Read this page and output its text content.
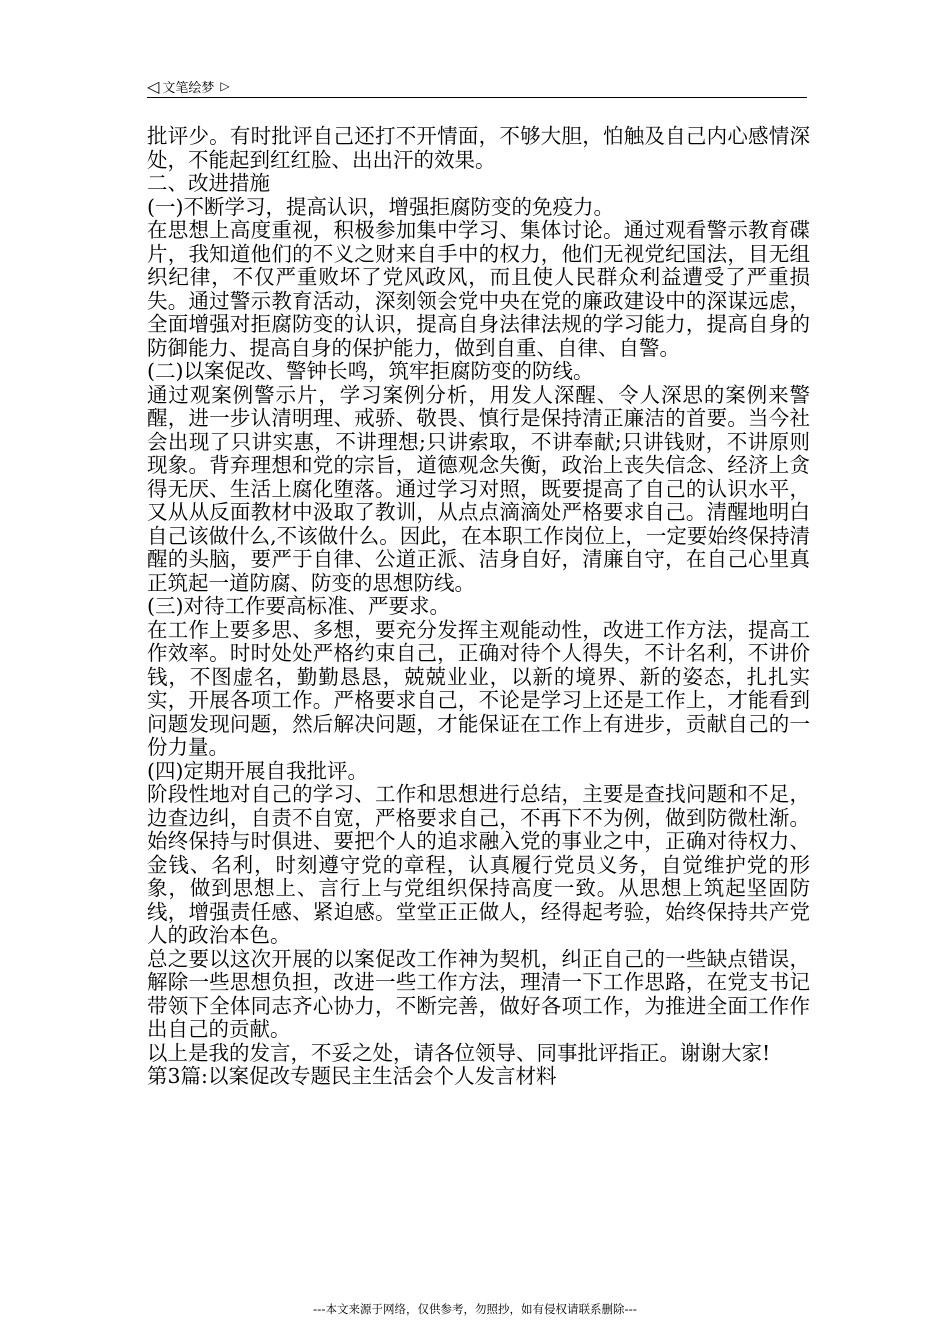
◁ 文笔绘梦 ▷

批评少。有时批评自己还打不开情面，不够大胆，怕触及自己内心感情深处，不能起到红红脸、出出汗的效果。

二、改进措施

(一)不断学习，提高认识，增强拒腐防变的免疫力。

在思想上高度重视，积极参加集中学习、集体讨论。通过观看警示教育碟片，我知道他们的不义之财来自手中的权力，他们无视党纪国法，目无组织纪律，不仅严重败坏了党风政风，而且使人民群众利益遭受了严重损失。通过警示教育活动，深刻领会党中央在党的廉政建设中的深谋远虑，全面增强对拒腐防变的认识，提高自身法律法规的学习能力，提高自身的防御能力、提高自身的保护能力，做到自重、自律、自警。

(二)以案促改、警钟长鸣，筑牢拒腐防变的防线。

通过观案例警示片，学习案例分析，用发人深醒、令人深思的案例来警醒，进一步认清明理、戒骄、敬畏、慎行是保持清正廉洁的首要。当今社会出现了只讲实惠，不讲理想;只讲索取，不讲奉献;只讲钱财，不讲原则现象。背弃理想和党的宗旨，道德观念失衡，政治上丧失信念、经济上贪得无厌、生活上腐化堕落。通过学习对照，既要提高了自己的认识水平，又从从反面教材中汲取了教训，从点点滴滴处严格要求自己。清醒地明白自己该做什么,不该做什么。因此，在本职工作岗位上，一定要始终保持清醒的头脑，要严于自律、公道正派、洁身自好，清廉自守，在自己心里真正筑起一道防腐、防变的思想防线。

(三)对待工作要高标准、严要求。

在工作上要多思、多想，要充分发挥主观能动性，改进工作方法，提高工作效率。时时处处严格约束自己，正确对待个人得失，不计名利，不讲价钱，不图虚名，勤勤恳恳，兢兢业业，以新的境界、新的姿态，扎扎实实，开展各项工作。严格要求自己，不论是学习上还是工作上，才能看到问题发现问题，然后解决问题，才能保证在工作上有进步，贡献自己的一份力量。

(四)定期开展自我批评。

阶段性地对自己的学习、工作和思想进行总结，主要是查找问题和不足，边查边纠，自责不自宽，严格要求自己，不再下不为例，做到防微杜渐。始终保持与时俱进、要把个人的追求融入党的事业之中，正确对待权力、金钱、名利，时刻遵守党的章程，认真履行党员义务，自觉维护党的形象，做到思想上、言行上与党组织保持高度一致。从思想上筑起坚固防线，增强责任感、紧迫感。堂堂正正做人，经得起考验，始终保持共产党人的政治本色。

总之要以这次开展的以案促改工作神为契机，纠正自己的一些缺点错误，解除一些思想负担，改进一些工作方法，理清一下工作思路，在党支书记带领下全体同志齐心协力，不断完善，做好各项工作，为推进全面工作作出自己的贡献。

以上是我的发言，不妥之处，请各位领导、同事批评指正。谢谢大家!

第3篇:以案促改专题民主生活会个人发言材料

---本文来源于网络，仅供参考，勿照抄，如有侵权请联系删除---
